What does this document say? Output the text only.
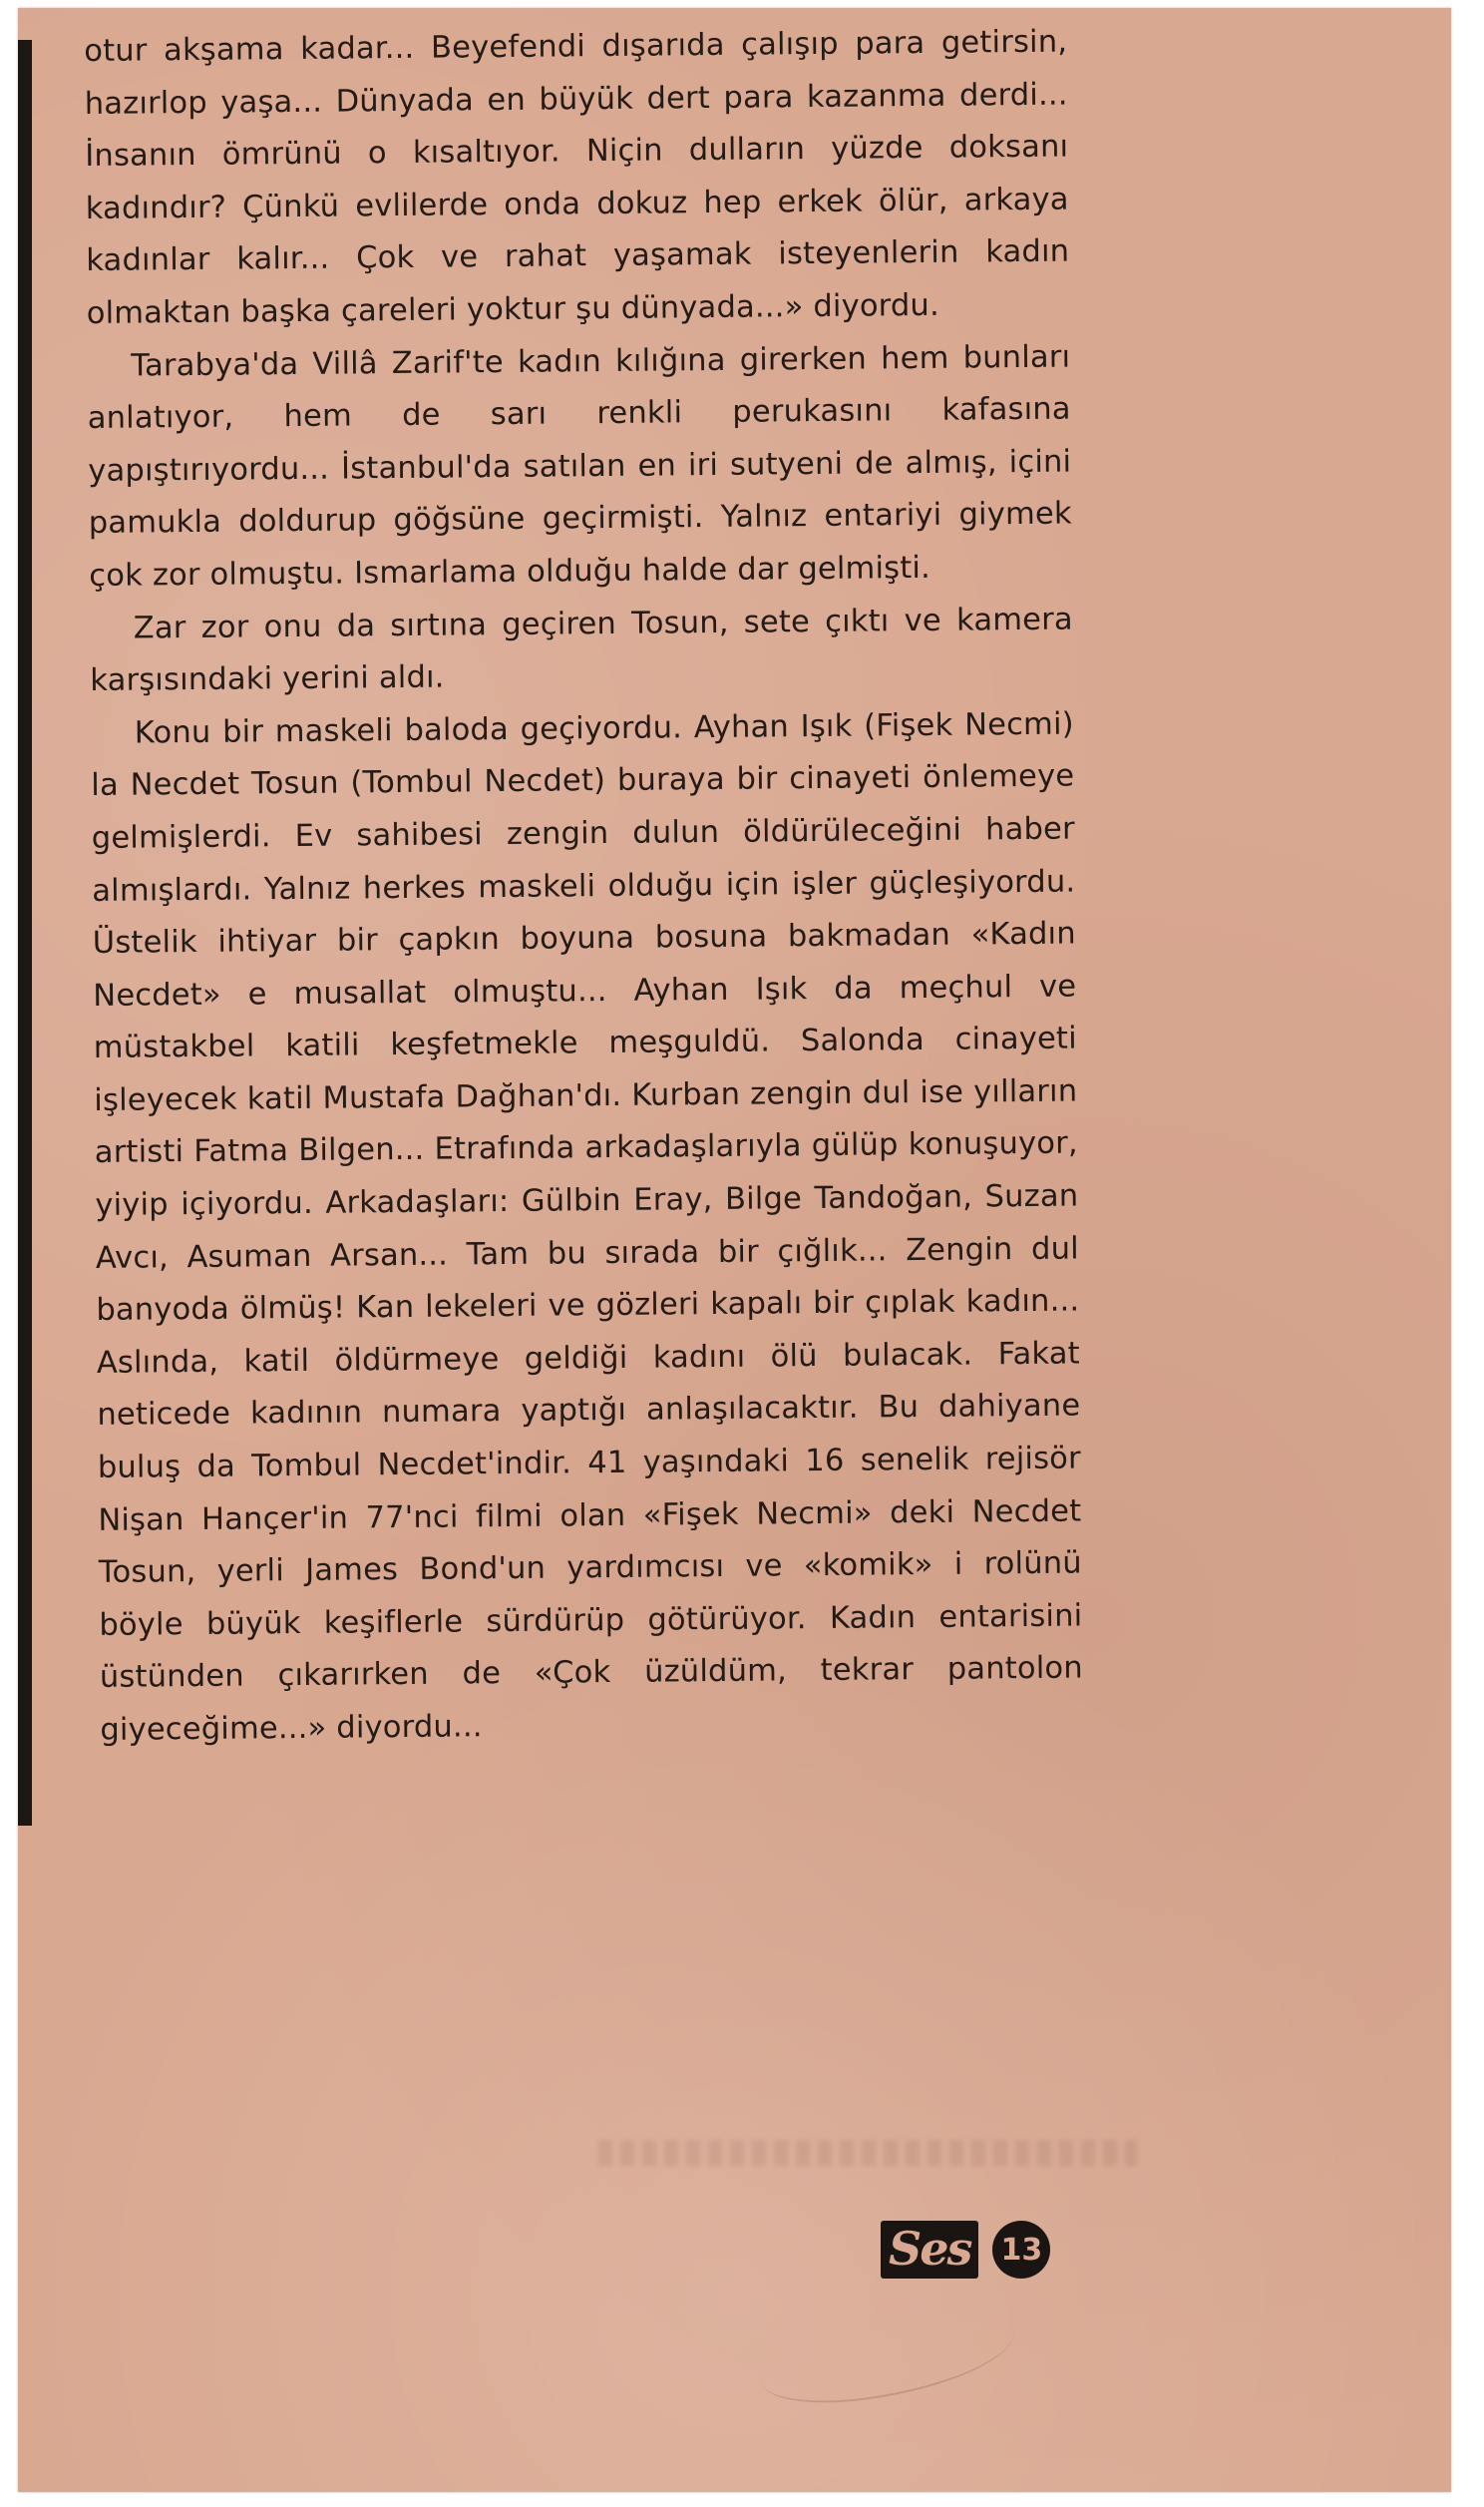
otur akşama kadar... Beyefendi dışarıda çalışıp para getirsin, hazırlop yaşa... Dünyada en büyük dert para kazanma derdi... İnsanın ömrünü o kısaltıyor. Niçin dulların yüzde doksanı kadındır? Çünkü evlilerde onda dokuz hep erkek ölür, arkaya kadınlar kalır... Çok ve rahat yaşamak isteyenlerin kadın olmaktan başka çareleri yoktur şu dünyada...» diyordu.

Tarabya'da Villâ Zarif'te kadın kılığına girerken hem bunları anlatıyor, hem de sarı renkli perukasını kafasına yapıştırıyordu... İstanbul'da satılan en iri sutyeni de almış, içini pamukla doldurup göğsüne geçirmişti. Yalnız entariyi giymek çok zor olmuştu. Ismarlama olduğu halde dar gelmişti.

Zar zor onu da sırtına geçiren Tosun, sete çıktı ve kamera karşısındaki yerini aldı.

Konu bir maskeli baloda geçiyordu. Ayhan Işık (Fişek Necmi) la Necdet Tosun (Tombul Necdet) buraya bir cinayeti önlemeye gelmişlerdi. Ev sahibesi zengin dulun öldürüleceğini haber almışlardı. Yalnız herkes maskeli olduğu için işler güçleşiyordu. Üstelik ihtiyar bir çapkın boyuna bosuna bakmadan «Kadın Necdet» e musallat olmuştu... Ayhan Işık da meçhul ve müstakbel katili keşfetmekle meşguldü. Salonda cinayeti işleyecek katil Mustafa Dağhan'dı. Kurban zengin dul ise yılların artisti Fatma Bilgen... Etrafında arkadaşlarıyla gülüp konuşuyor, yiyip içiyordu. Arkadaşları: Gülbin Eray, Bilge Tandoğan, Suzan Avcı, Asuman Arsan... Tam bu sırada bir çığlık... Zengin dul banyoda ölmüş! Kan lekeleri ve gözleri kapalı bir çıplak kadın... Aslında, katil öldürmeye geldiği kadını ölü bulacak. Fakat neticede kadının numara yaptığı anlaşılacaktır. Bu dahiyane buluş da Tombul Necdet'indir. 41 yaşındaki 16 senelik rejisör Nişan Hançer'in 77'nci filmi olan «Fişek Necmi» deki Necdet Tosun, yerli James Bond'un yardımcısı ve «komik» i rolünü böyle büyük keşiflerle sürdürüp götürüyor. Kadın entarisini üstünden çıkarırken de «Çok üzüldüm, tekrar pantolon giyeceğime...» diyordu...

Ses 13
